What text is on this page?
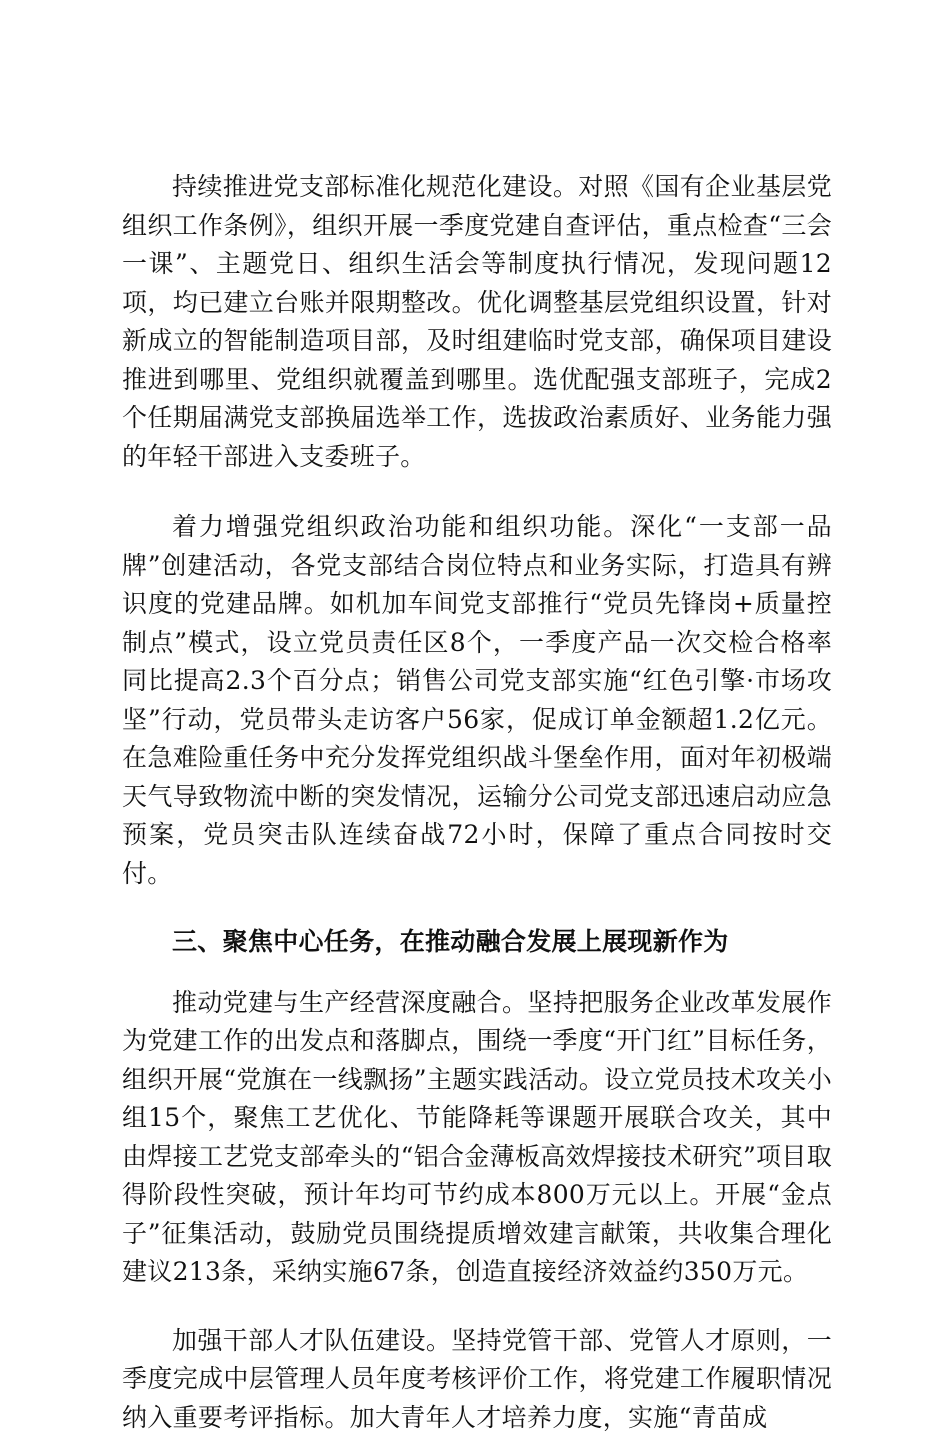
持续推进党支部标准化规范化建设。对照《国有企业基层党组织工作条例》，组织开展一季度党建自查评估，重点检查“三会一课”、主题党日、组织生活会等制度执行情况，发现问题12项，均已建立台账并限期整改。优化调整基层党组织设置，针对新成立的智能制造项目部，及时组建临时党支部，确保项目建设推进到哪里、党组织就覆盖到哪里。选优配强支部班子，完成2个任期届满党支部换届选举工作，选拔政治素质好、业务能力强的年轻干部进入支委班子。

着力增强党组织政治功能和组织功能。深化“一支部一品牌”创建活动，各党支部结合岗位特点和业务实际，打造具有辨识度的党建品牌。如机加车间党支部推行“党员先锋岗+质量控制点”模式，设立党员责任区8个，一季度产品一次交检合格率同比提高2.3个百分点；销售公司党支部实施“红色引擎·市场攻坚”行动，党员带头走访客户56家，促成订单金额超1.2亿元。在急难险重任务中充分发挥党组织战斗堡垒作用，面对年初极端天气导致物流中断的突发情况，运输分公司党支部迅速启动应急预案，党员突击队连续奋战72小时，保障了重点合同按时交付。

三、聚焦中心任务，在推动融合发展上展现新作为

推动党建与生产经营深度融合。坚持把服务企业改革发展作为党建工作的出发点和落脚点，围绕一季度“开门红”目标任务，组织开展“党旗在一线飘扬”主题实践活动。设立党员技术攻关小组15个，聚焦工艺优化、节能降耗等课题开展联合攻关，其中由焊接工艺党支部牵头的“铝合金薄板高效焊接技术研究”项目取得阶段性突破，预计年均可节约成本800万元以上。开展“金点子”征集活动，鼓励党员围绕提质增效建言献策，共收集合理化建议213条，采纳实施67条，创造直接经济效益约350万元。

加强干部人才队伍建设。坚持党管干部、党管人才原则，一季度完成中层管理人员年度考核评价工作，将党建工作履职情况纳入重要考评指标。加大青年人才培养力度，实施“青苗成
